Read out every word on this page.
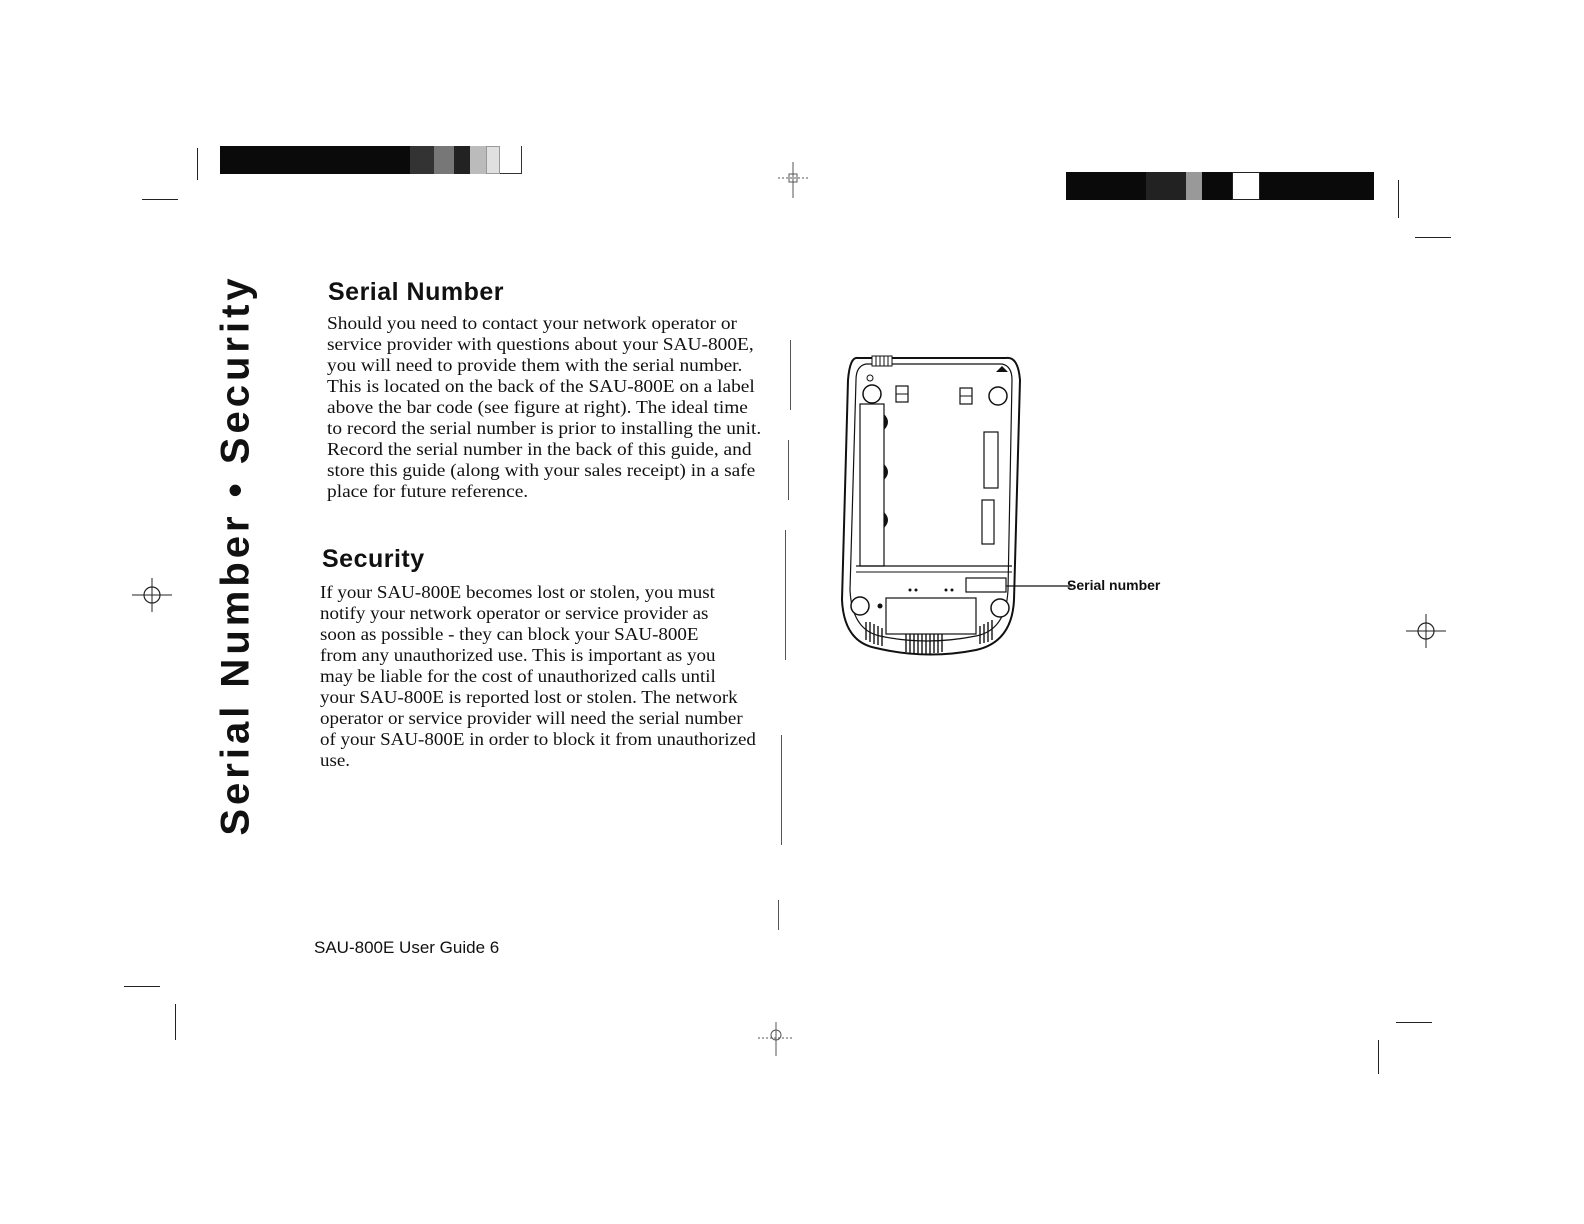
Serial Number • Security	Serial Number
Should you need to contact your network operator or
service provider with questions about your SAU-800E,
you will need to provide them with the serial number.
This is located on the back of the SAU-800E on a label
above the bar code (see figure at right). The ideal time
to record the serial number is prior to installing the unit.
Record the serial number in the back of this guide, and
store this guide (along with your sales receipt) in a safe
place for future reference.
Security
If your SAU-800E becomes lost or stolen, you must
notify your network operator or service provider as
soon as possible - they can block your SAU-800E
from any unauthorized use. This is important as you
may be liable for the cost of unauthorized calls until
your SAU-800E is reported lost or stolen. The network
operator or service provider will need the serial number
of your SAU-800E in order to block it from unauthorized
use.
SAU-800E User Guide 6
Serial number
